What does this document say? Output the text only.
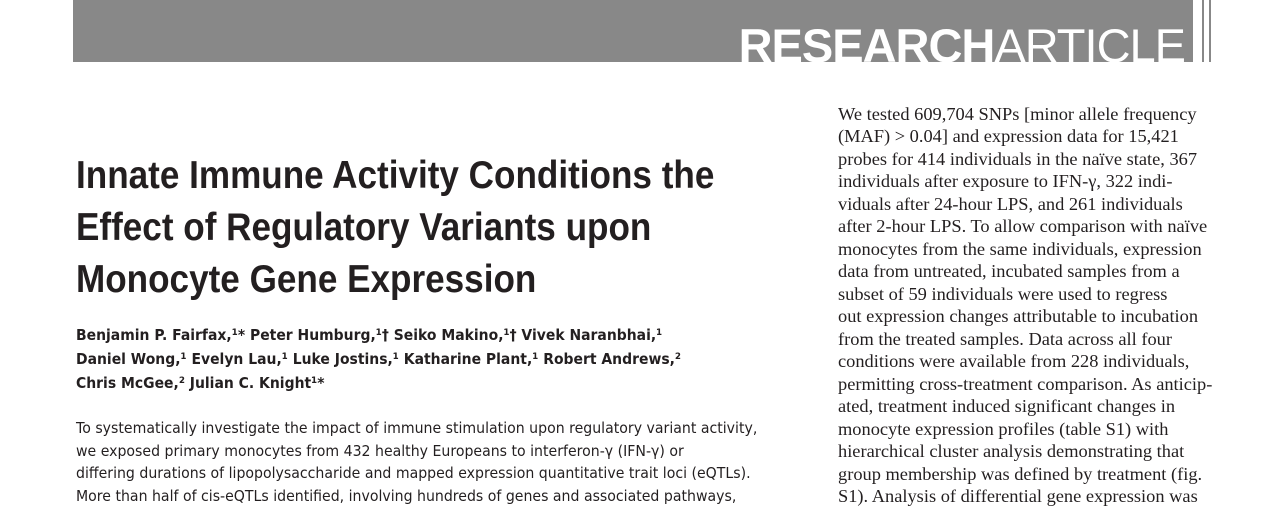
RESEARCHARTICLE
Innate Immune Activity Conditions the
Effect of Regulatory Variants upon
Monocyte Gene Expression
Benjamin P. Fairfax,¹* Peter Humburg,¹† Seiko Makino,¹† Vivek Naranbhai,¹
Daniel Wong,¹ Evelyn Lau,¹ Luke Jostins,¹ Katharine Plant,¹ Robert Andrews,²
Chris McGee,² Julian C. Knight¹*
To systematically investigate the impact of immune stimulation upon regulatory variant activity,
we exposed primary monocytes from 432 healthy Europeans to interferon-γ (IFN-γ) or
differing durations of lipopolysaccharide and mapped expression quantitative trait loci (eQTLs).
More than half of cis-eQTLs identified, involving hundreds of genes and associated pathways,
We tested 609,704 SNPs [minor allele frequency
(MAF) > 0.04] and expression data for 15,421
probes for 414 individuals in the naïve state, 367
individuals after exposure to IFN-γ, 322 indi-
viduals after 24-hour LPS, and 261 individuals
after 2-hour LPS. To allow comparison with naïve
monocytes from the same individuals, expression
data from untreated, incubated samples from a
subset of 59 individuals were used to regress
out expression changes attributable to incubation
from the treated samples. Data across all four
conditions were available from 228 individuals,
permitting cross-treatment comparison. As anticip-
ated, treatment induced significant changes in
monocyte expression profiles (table S1) with
hierarchical cluster analysis demonstrating that
group membership was defined by treatment (fig.
S1). Analysis of differential gene expression was
